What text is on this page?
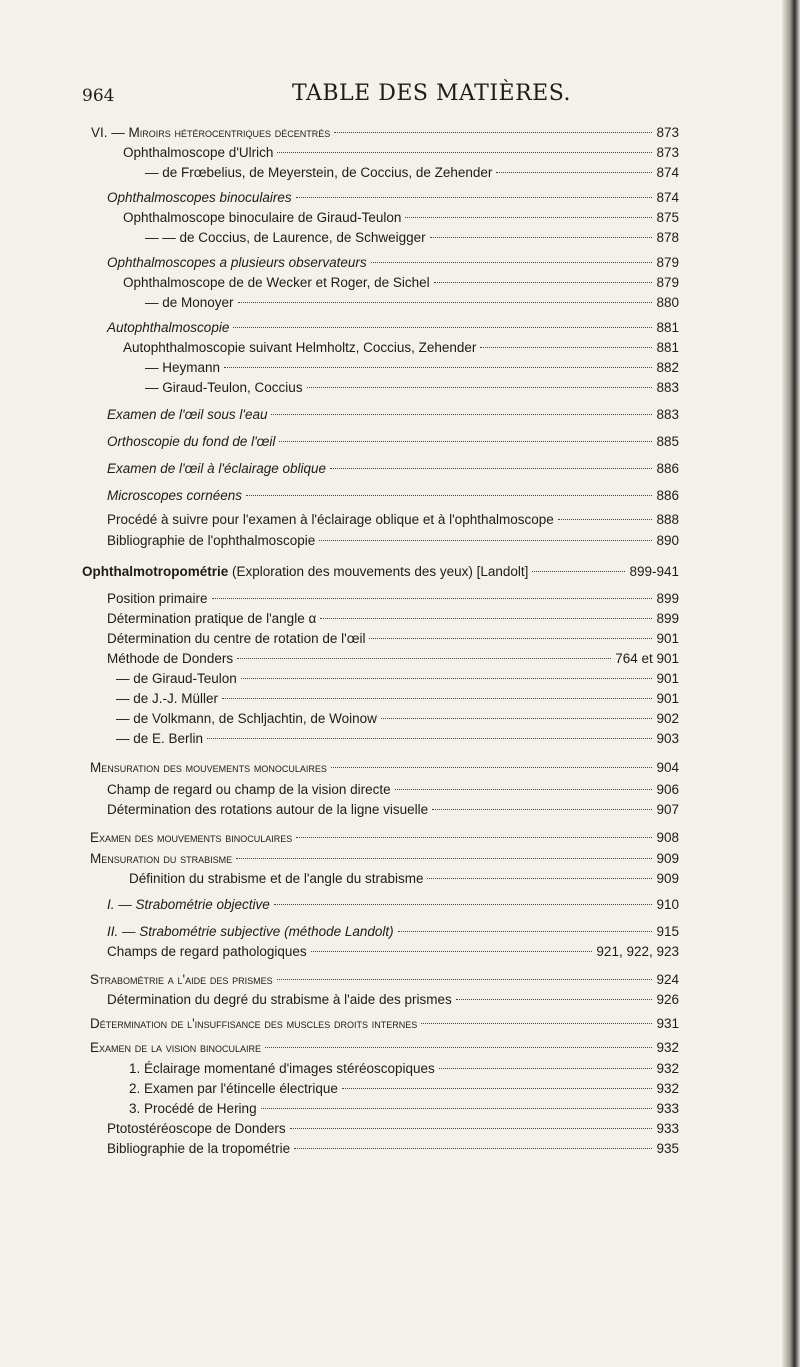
964	TABLE DES MATIÈRES.
VI. — Miroirs hétérocentriques décentrés	873
Ophthalmoscope d'Ulrich	873
— de Frœbelius, de Meyerstein, de Coccius, de Zehender	874
Ophthalmoscopes binoculaires	874
Ophthalmoscope binoculaire de Giraud-Teulon	875
— — de Coccius, de Laurence, de Schweigger	878
Ophthalmoscopes a plusieurs observateurs	879
Ophthalmoscope de de Wecker et Roger, de Sichel	879
— de Monoyer	880
Autophthalmoscopie	881
Autophthalmoscopie suivant Helmholtz, Coccius, Zehender	881
— Heymann	882
— Giraud-Teulon, Coccius	883
Examen de l'œil sous l'eau	883
Orthoscopie du fond de l'œil	885
Examen de l'œil à l'éclairage oblique	886
Microscopes cornéens	886
Procédé à suivre pour l'examen à l'éclairage oblique et à l'ophthalmoscope	888
Bibliographie de l'ophthalmoscopie	890
Ophthalmotropométrie (Exploration des mouvements des yeux) [Landolt]	899-941
Position primaire	899
Détermination pratique de l'angle α	899
Détermination du centre de rotation de l'œil	901
Méthode de Donders	764 et 901
— de Giraud-Teulon	901
— de J.-J. Müller	901
— de Volkmann, de Schljachtin, de Woinow	902
— de E. Berlin	903
Mensuration des mouvements monoculaires	904
Champ de regard ou champ de la vision directe	906
Détermination des rotations autour de la ligne visuelle	907
Examen des mouvements binoculaires	908
Mensuration du strabisme	909
Définition du strabisme et de l'angle du strabisme	909
I. — Strabométrie objective	910
II. — Strabométrie subjective (méthode Landolt)	915
Champs de regard pathologiques	921, 922, 923
Strabométrie a l'aide des prismes	924
Détermination du degré du strabisme à l'aide des prismes	926
Détermination de l'insuffisance des muscles droits internes	931
Examen de la vision binoculaire	932
1. Éclairage momentané d'images stéréoscopiques	932
2. Examen par l'étincelle électrique	932
3. Procédé de Hering	933
Ptotostéréoscope de Donders	933
Bibliographie de la tropométrie	935
